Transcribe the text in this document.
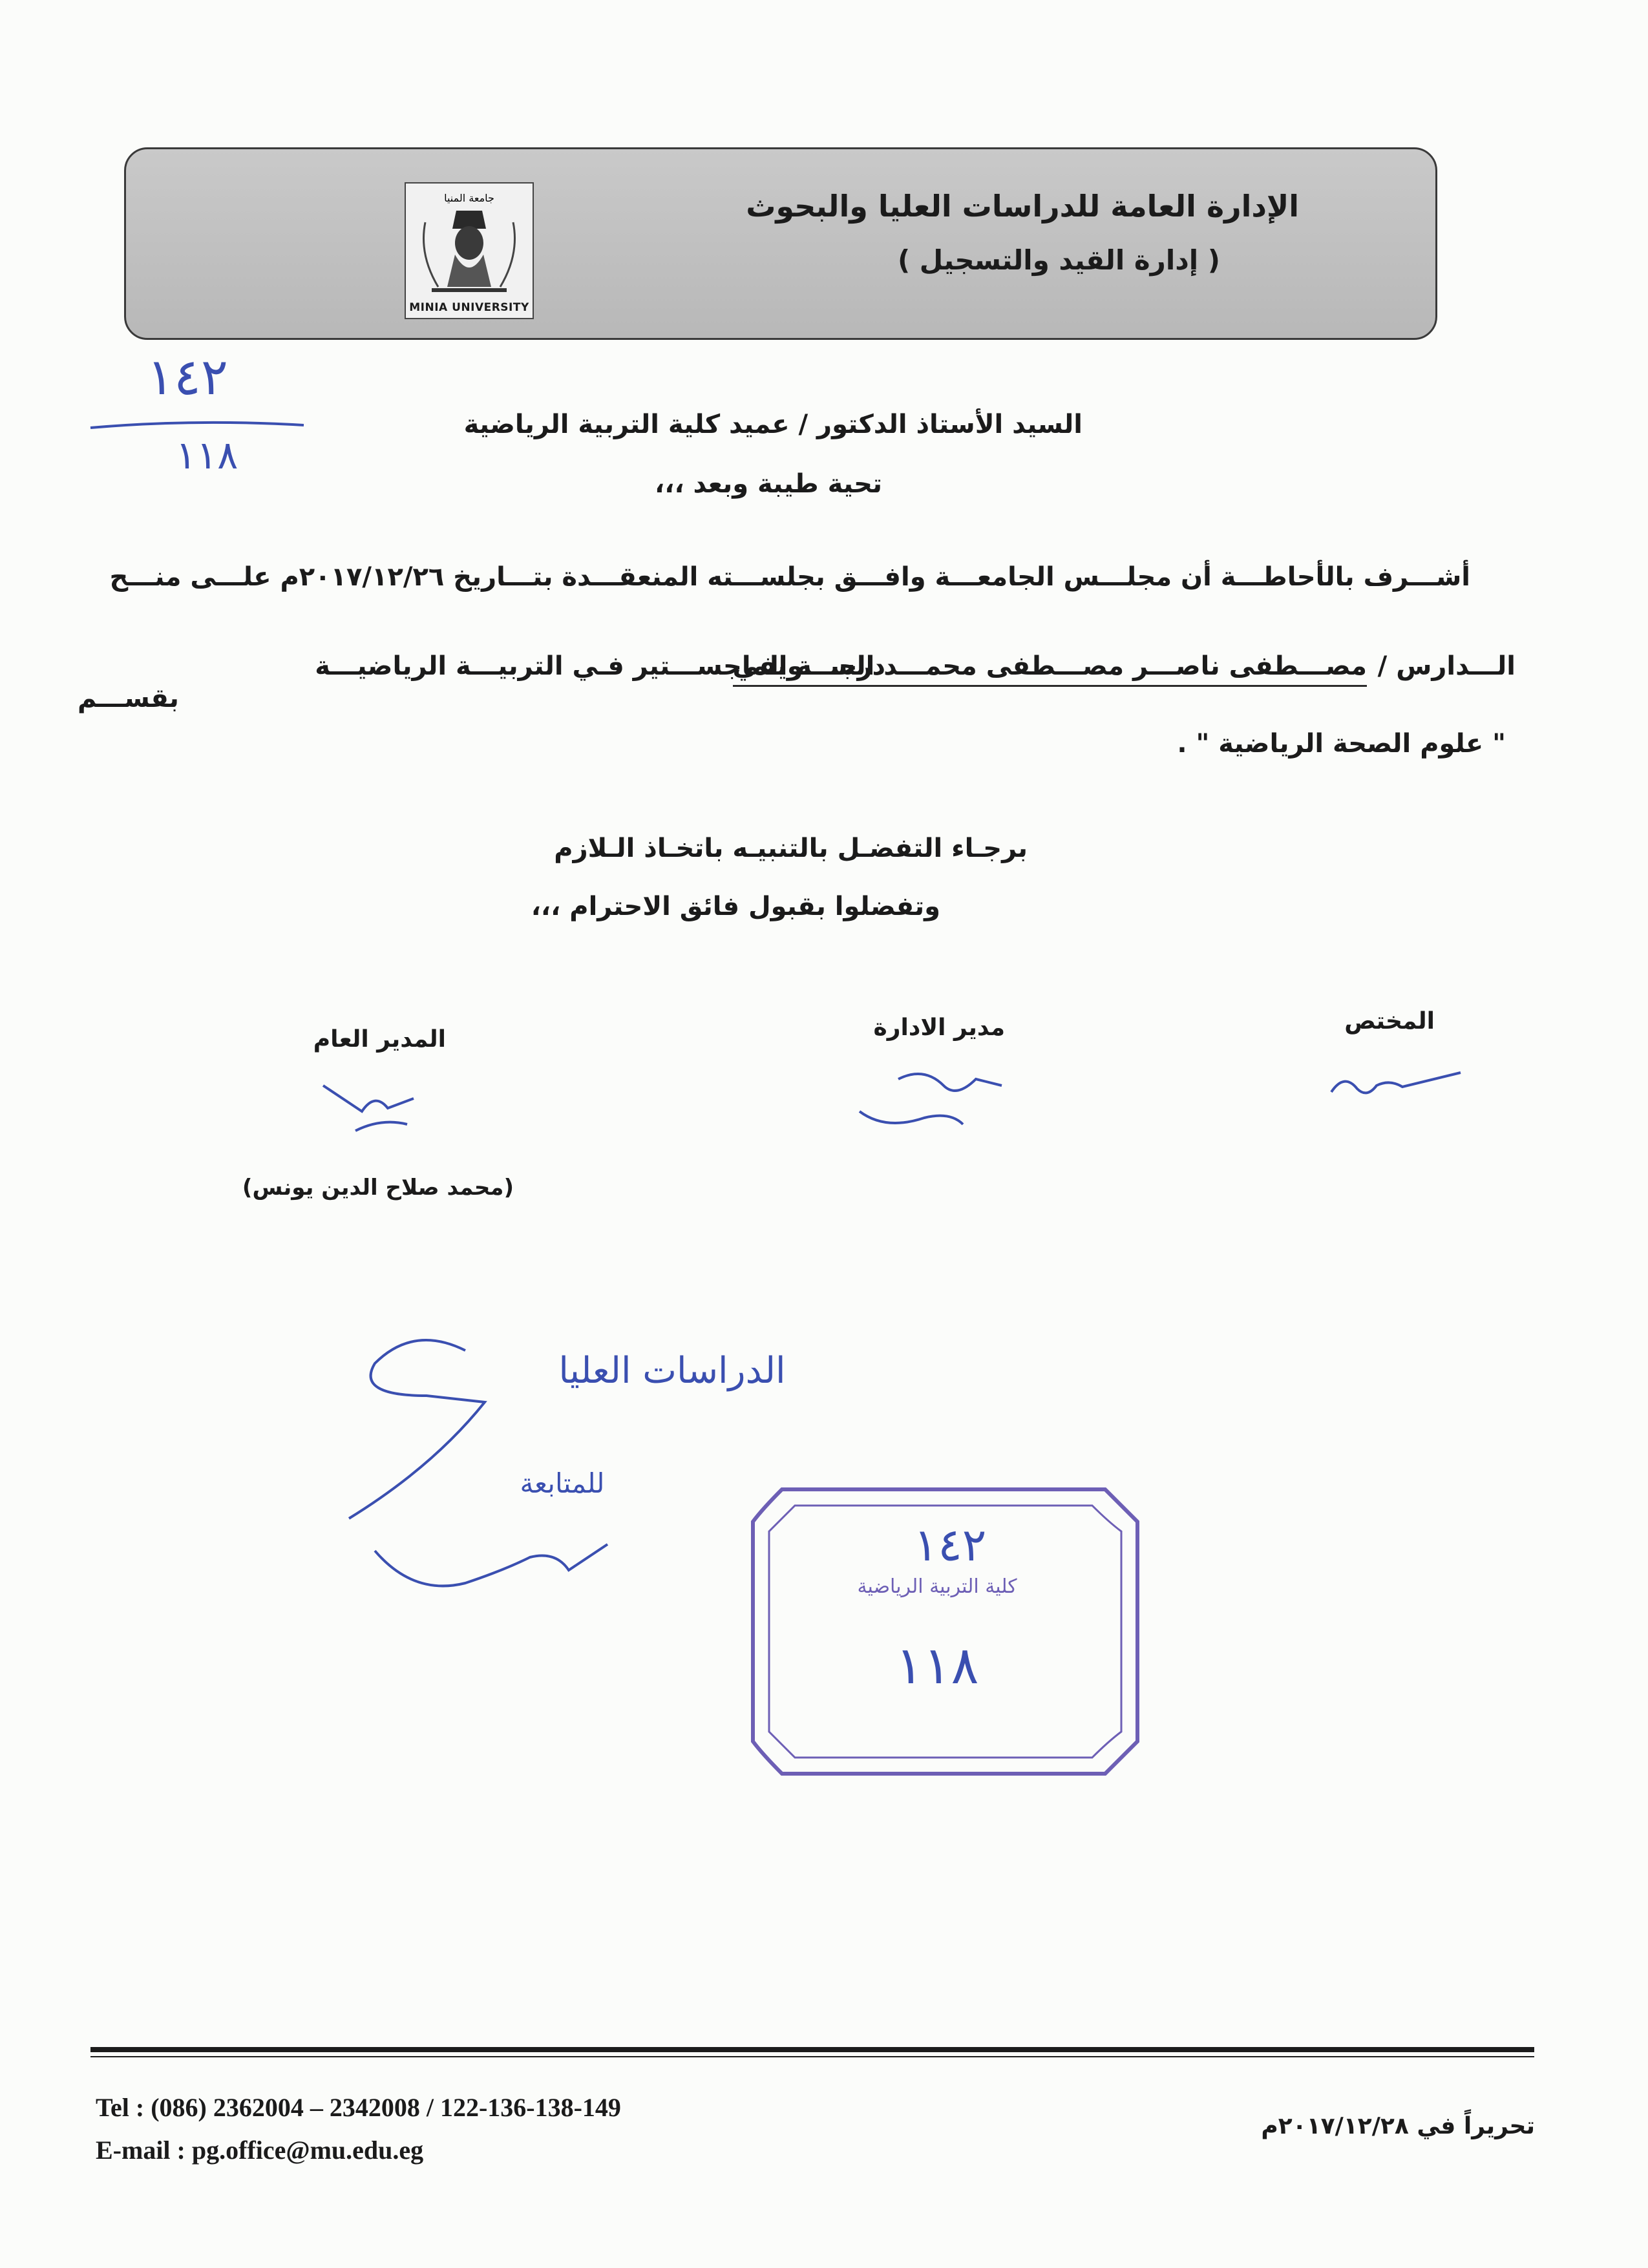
الإدارة العامة للدراسات العليا والبحوث
( إدارة القيد والتسجيل )
جامعة المنيا
MINIA UNIVERSITY
١٤٢
١١٨
السيد الأستاذ الدكتور / عميد كلية التربية الرياضية
تحية طيبة وبعد ،،،
أشـــرف بالأحاطـــة أن مجلـــس الجامعـــة وافـــق بجلســـته المنعقـــدة بتـــاريخ ٢٠١٧/١٢/٢٦م علـــى منـــح
الـــدارس /
مصـــطفى ناصـــر مصـــطفى محمـــد الســـويفي
درجـــة الماجســـتير فـي التربيـــة الرياضيـــة
بقســـم
" علوم الصحة الرياضية " .
برجـاء التفضـل بالتنبيـه باتخـاذ الـلازم
وتفضلوا بقبول فائق الاحترام ،،،
المختص
مدير الادارة
المدير العام
(محمد صلاح الدين يونس)
الدراسات العليا
للمتابعة
كلية التربية الرياضية
١٤٢
١١٨
Tel : (086) 2362004 – 2342008 / 122-136-138-149
E-mail : pg.office@mu.edu.eg
تحريراً في ٢٠١٧/١٢/٢٨م
